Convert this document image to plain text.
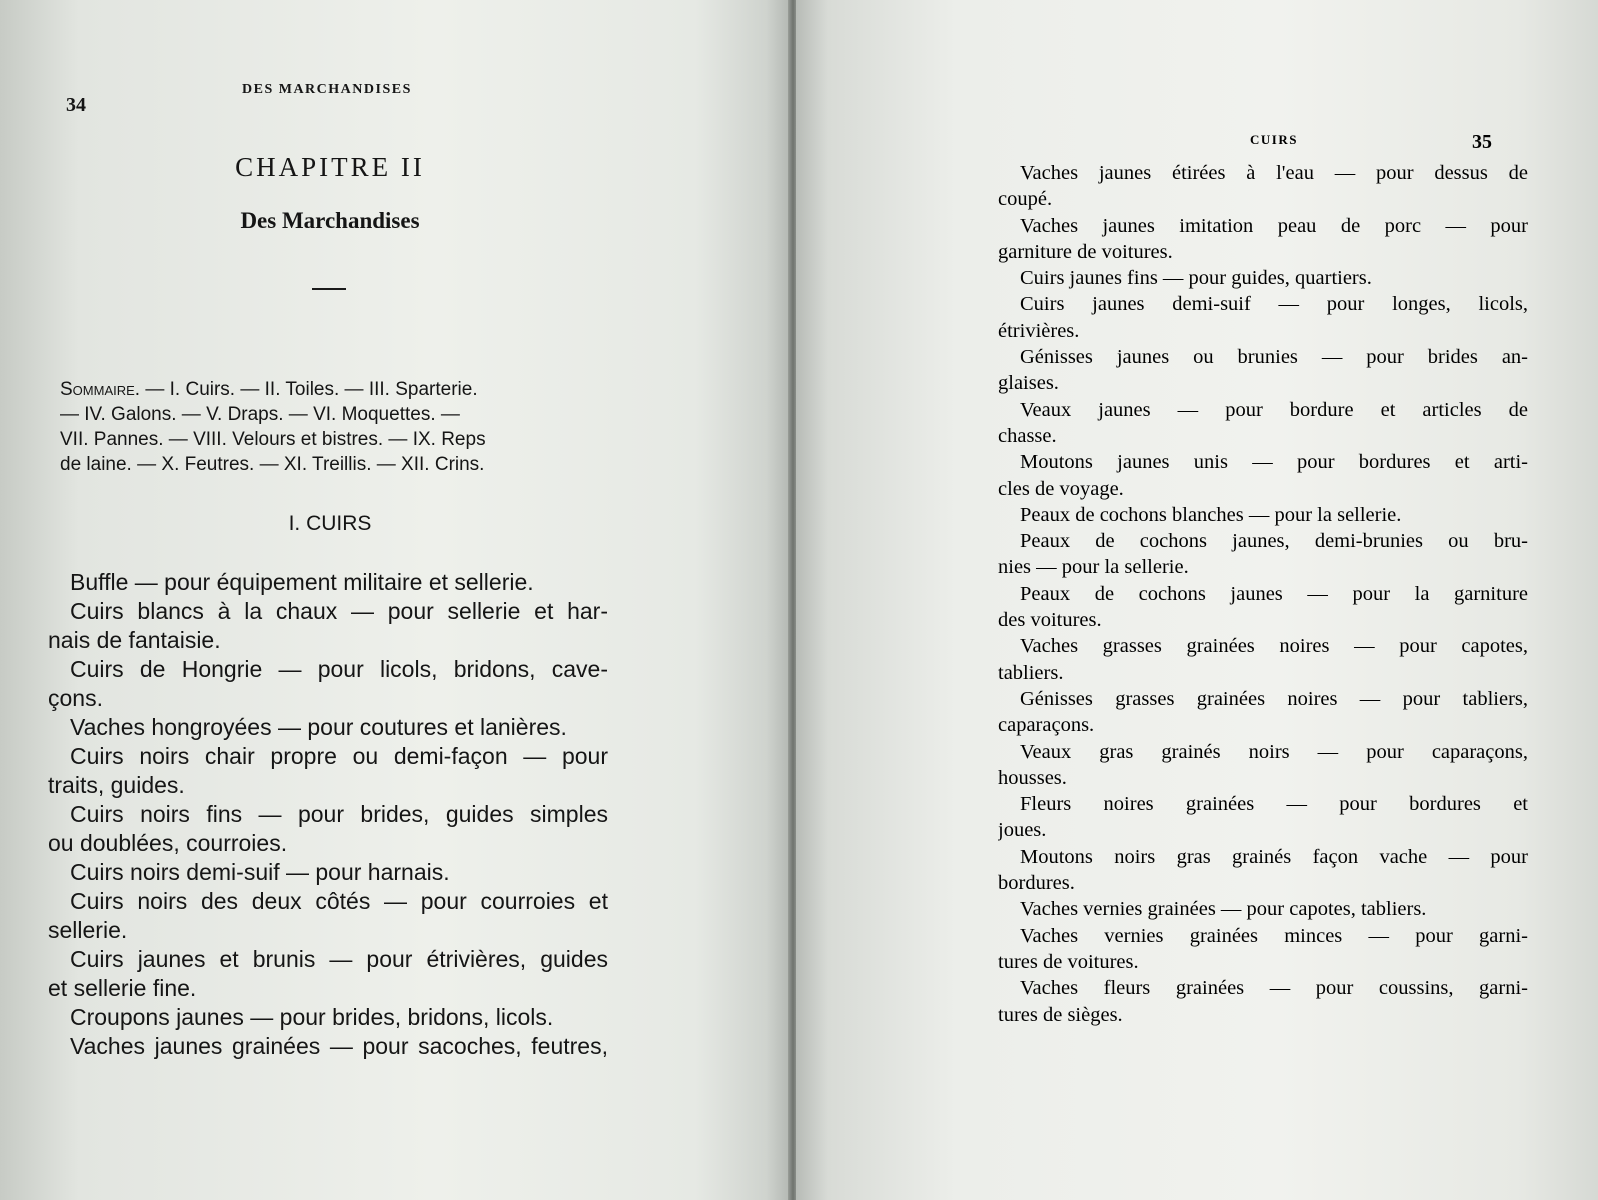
34
DES MARCHANDISES
CHAPITRE II
Des Marchandises
Sommaire. — I. Cuirs. — II. Toiles. — III. Sparterie.
— IV. Galons. — V. Draps. — VI. Moquettes. —
VII. Pannes. — VIII. Velours et bistres. — IX. Reps
de laine. — X. Feutres. — XI. Treillis. — XII. Crins.
I. CUIRS
Buffle — pour équipement militaire et sellerie.
Cuirs blancs à la chaux — pour sellerie et har-
nais de fantaisie.
Cuirs de Hongrie — pour licols, bridons, cave-
çons.
Vaches hongroyées — pour coutures et lanières.
Cuirs noirs chair propre ou demi-façon — pour
traits, guides.
Cuirs noirs fins — pour brides, guides simples
ou doublées, courroies.
Cuirs noirs demi-suif — pour harnais.
Cuirs noirs des deux côtés — pour courroies et
sellerie.
Cuirs jaunes et brunis — pour étrivières, guides
et sellerie fine.
Croupons jaunes — pour brides, bridons, licols.
Vaches jaunes grainées — pour sacoches, feutres,
CUIRS	35
Vaches jaunes étirées à l'eau — pour dessus de
coupé.
Vaches jaunes imitation peau de porc — pour
garniture de voitures.
Cuirs jaunes fins — pour guides, quartiers.
Cuirs jaunes demi-suif — pour longes, licols,
étrivières.
Génisses jaunes ou brunies — pour brides an-
glaises.
Veaux jaunes — pour bordure et articles de
chasse.
Moutons jaunes unis — pour bordures et arti-
cles de voyage.
Peaux de cochons blanches — pour la sellerie.
Peaux de cochons jaunes, demi-brunies ou bru-
nies — pour la sellerie.
Peaux de cochons jaunes — pour la garniture
des voitures.
Vaches grasses grainées noires — pour capotes,
tabliers.
Génisses grasses grainées noires — pour tabliers,
caparaçons.
Veaux gras grainés noirs — pour caparaçons,
housses.
Fleurs noires grainées — pour bordures et
joues.
Moutons noirs gras grainés façon vache — pour
bordures.
Vaches vernies grainées — pour capotes, tabliers.
Vaches vernies grainées minces — pour garni-
tures de voitures.
Vaches fleurs grainées — pour coussins, garni-
tures de sièges.
